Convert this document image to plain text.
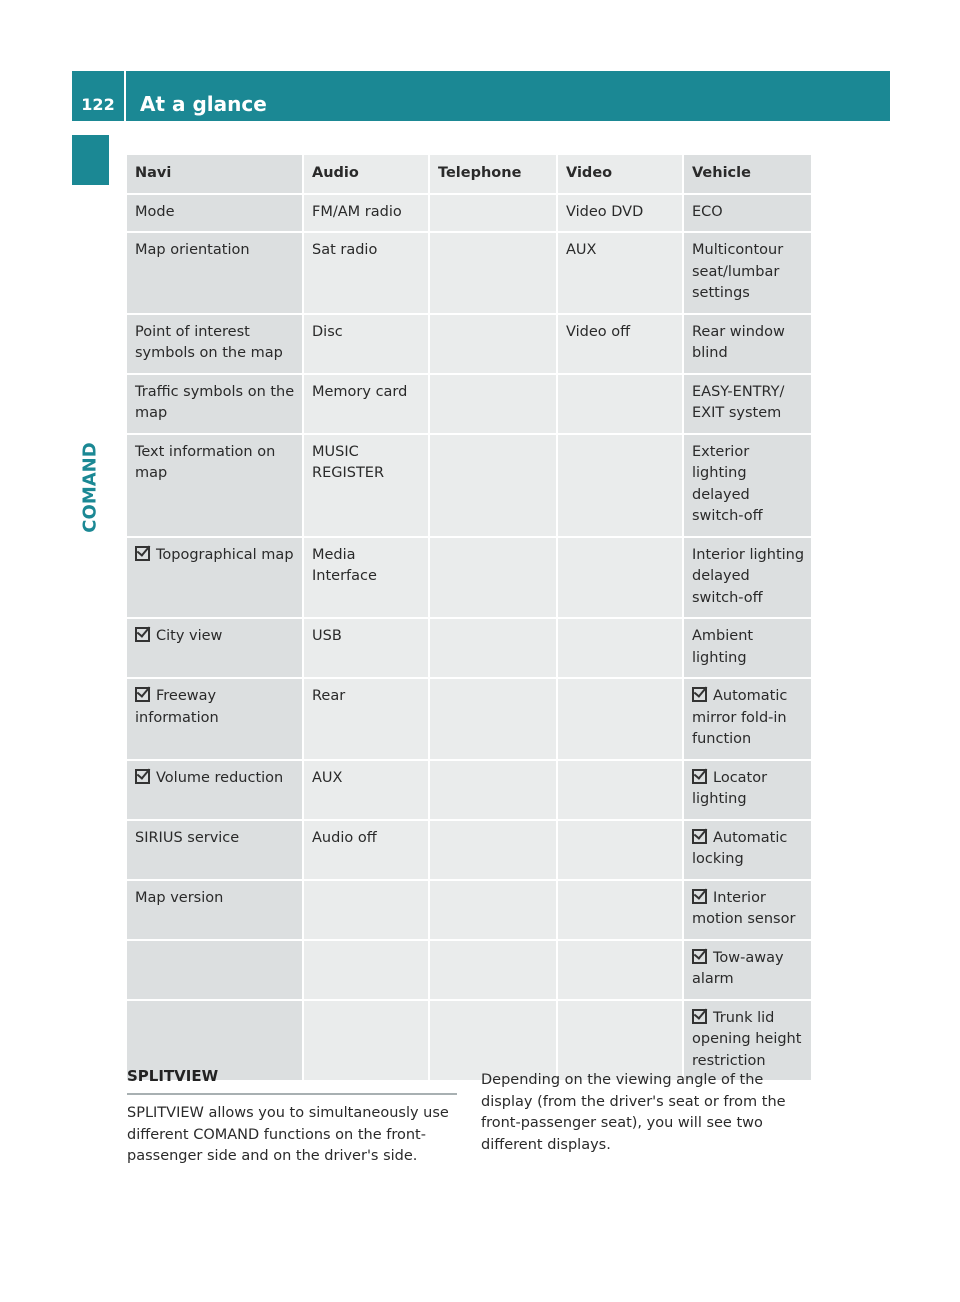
122	At a glance
COMAND
Navi	Audio	Telephone	Video	Vehicle
Mode	FM/AM radio		Video DVD	ECO
Map orientation	Sat radio		AUX	Multicontour seat/lumbar settings
Point of interest symbols on the map	Disc		Video off	Rear window blind
Traffic symbols on the map	Memory card			EASY-ENTRY/ EXIT system
Text information on map	MUSIC REGISTER			Exterior lighting delayed switch-off
Topographical map	Media Interface			Interior lighting delayed switch-off
City view	USB			Ambient lighting
Freeway information	Rear			Automatic mirror fold-in function
Volume reduction	AUX			Locator lighting
SIRIUS service	Audio off			Automatic locking
Map version				Interior motion sensor
				Tow-away alarm
				Trunk lid opening height restriction
SPLITVIEW
SPLITVIEW allows you to simultaneously use different COMAND functions on the front-passenger side and on the driver's side.
Depending on the viewing angle of the display (from the driver's seat or from the front-passenger seat), you will see two different displays.
